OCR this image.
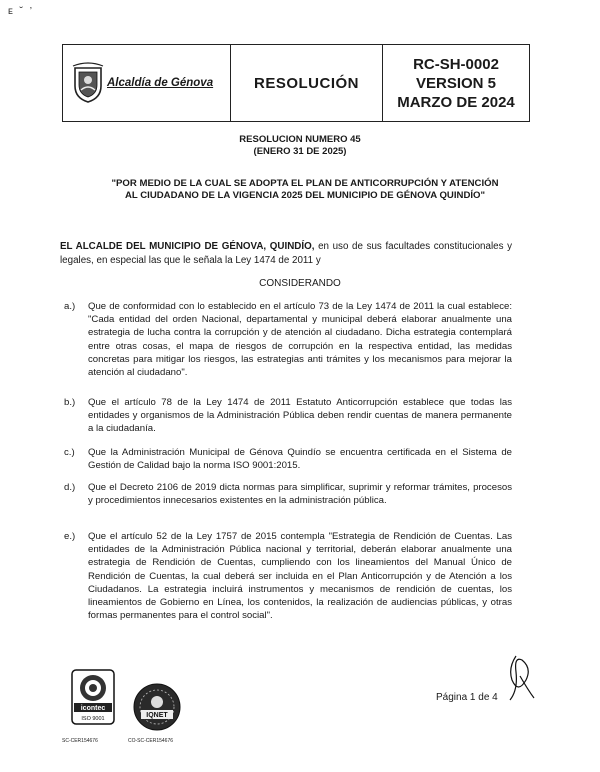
ᴇ ˘ ’
Alcaldía de Génova	RESOLUCIÓN
RC-SH-0002
VERSION 5
MARZO DE 2024
RESOLUCION NUMERO 45
(ENERO 31 DE 2025)
"POR MEDIO DE LA CUAL SE ADOPTA EL PLAN DE ANTICORRUPCIÓN Y ATENCIÓN AL CIUDADANO DE LA VIGENCIA 2025 DEL MUNICIPIO DE GÉNOVA QUINDÍO"
EL ALCALDE DEL MUNICIPIO DE GÉNOVA, QUINDÍO, en uso de sus facultades constitucionales y legales, en especial las que le señala la Ley 1474 de 2011 y
CONSIDERANDO
a.) Que de conformidad con lo establecido en el artículo 73 de la Ley 1474 de 2011 la cual establece: "Cada entidad del orden Nacional, departamental y municipal deberá elaborar anualmente una estrategia de lucha contra la corrupción y de atención al ciudadano. Dicha estrategia contemplará entre otras cosas, el mapa de riesgos de corrupción en la respectiva entidad, las medidas concretas para mitigar los riesgos, las estrategias anti trámites y los mecanismos para mejorar la atención al ciudadano".
b.) Que el artículo 78 de la Ley 1474 de 2011 Estatuto Anticorrupción establece que todas las entidades y organismos de la Administración Pública deben rendir cuentas de manera permanente a la ciudadanía.
c.) Que la Administración Municipal de Génova Quindío se encuentra certificada en el Sistema de Gestión de Calidad bajo la norma ISO 9001:2015.
d.) Que el Decreto 2106 de 2019 dicta normas para simplificar, suprimir y reformar trámites, procesos y procedimientos innecesarios existentes en la administración pública.
e.) Que el artículo 52 de la Ley 1757 de 2015 contempla "Estrategia de Rendición de Cuentas. Las entidades de la Administración Pública nacional y territorial, deberán elaborar anualmente una estrategia de Rendición de Cuentas, cumpliendo con los lineamientos del Manual Único de Rendición de Cuentas, la cual deberá ser incluida en el Plan Anticorrupción y de Atención a los Ciudadanos. La estrategia incluirá instrumentos y mecanismos de rendición de cuentas, los lineamientos de Gobierno en Línea, los contenidos, la realización de audiencias públicas, y otras formas permanentes para el control social".
Página 1 de 4
icontec
ISO 9001
SC-CER154676
IQNET
CO-SC-CER154676
